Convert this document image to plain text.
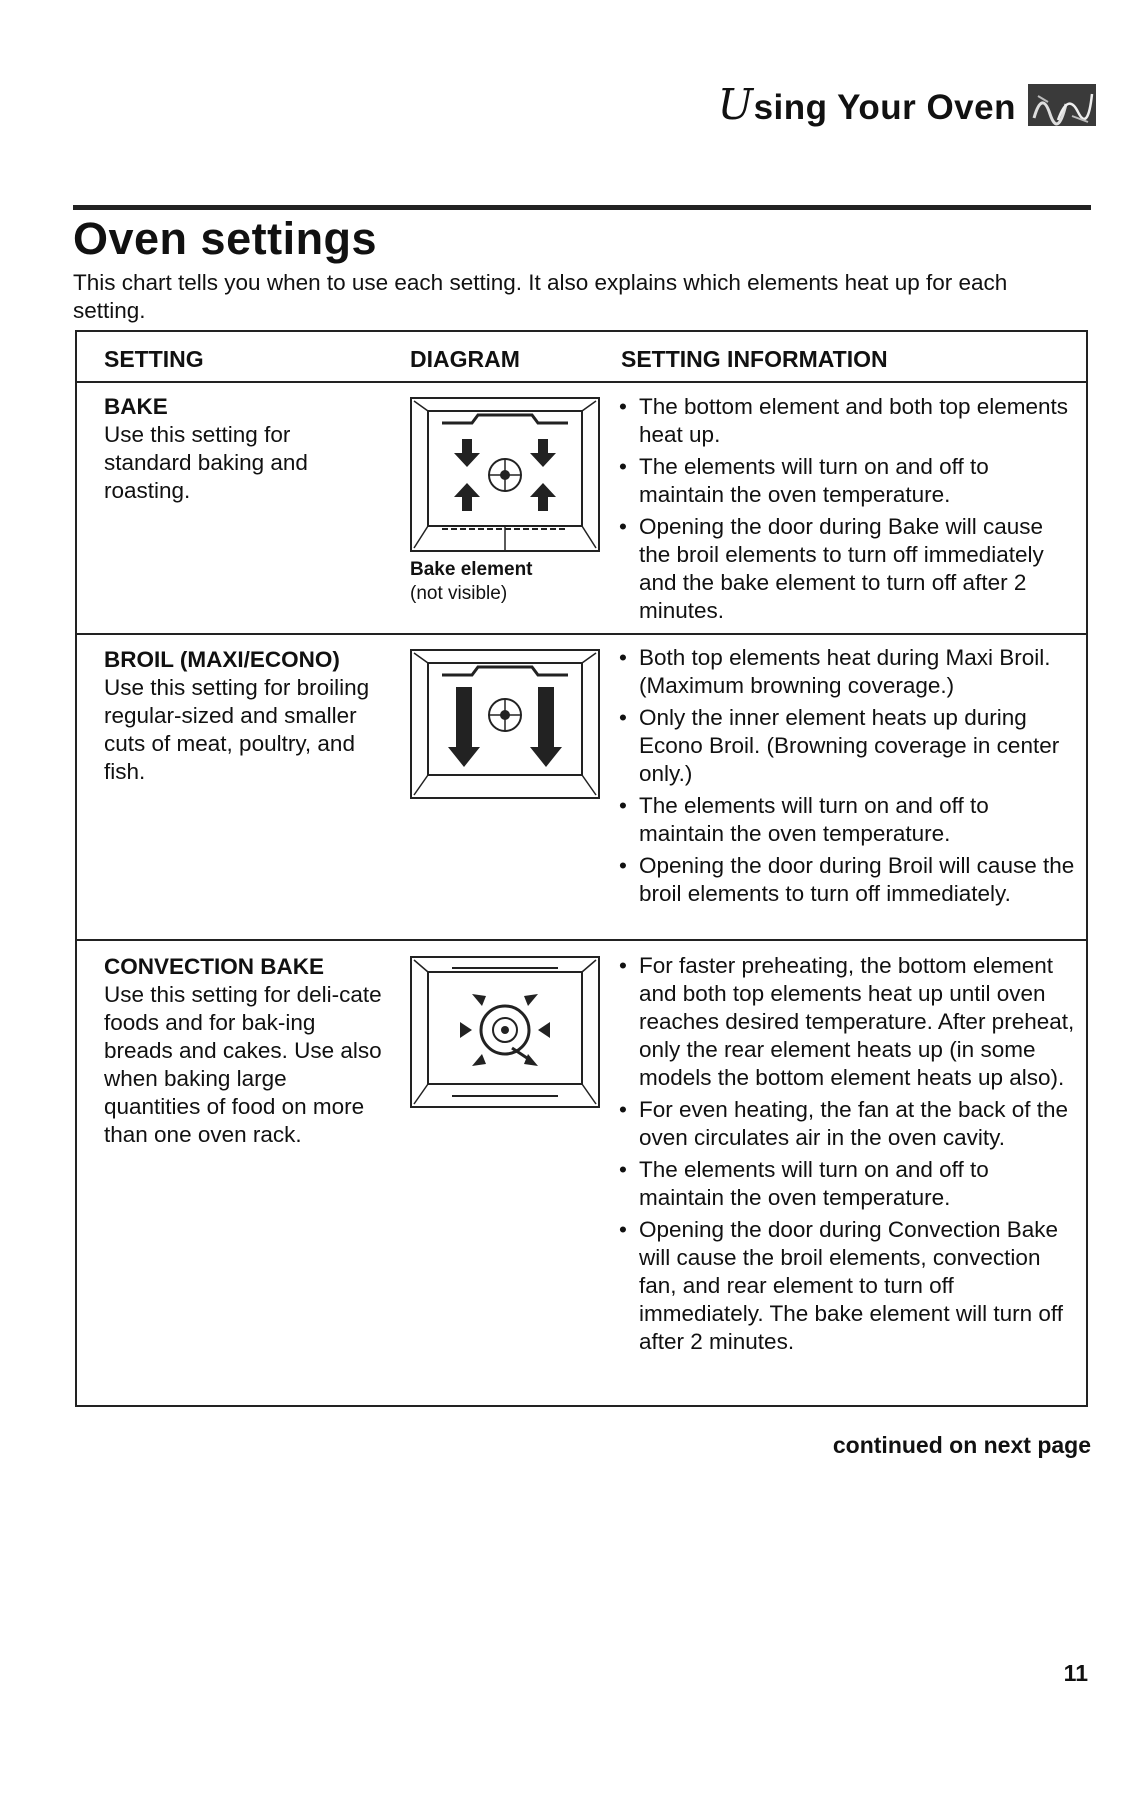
Using Your Oven
Oven settings

This chart tells you when to use each setting. It also explains which elements heat up for each setting.

SETTING	DIAGRAM	SETTING INFORMATION
BAKE
Use this setting for standard baking and roasting.
Bake element
(not visible)
• The bottom element and both top elements heat up.
• The elements will turn on and off to maintain the oven temperature.
• Opening the door during Bake will cause the broil elements to turn off immediately and the bake element to turn off after 2 minutes.
BROIL (MAXI/ECONO)
Use this setting for broiling regular-sized and smaller cuts of meat, poultry, and fish.
• Both top elements heat during Maxi Broil. (Maximum browning coverage.)
• Only the inner element heats up during Econo Broil. (Browning coverage in center only.)
• The elements will turn on and off to maintain the oven temperature.
• Opening the door during Broil will cause the broil elements to turn off immediately.
CONVECTION BAKE
Use this setting for deli-cate foods and for bak-ing breads and cakes. Use also when baking large quantities of food on more than one oven rack.
• For faster preheating, the bottom element and both top elements heat up until oven reaches desired temperature. After preheat, only the rear element heats up (in some models the bottom element heats up also).
• For even heating, the fan at the back of the oven circulates air in the oven cavity.
• The elements will turn on and off to maintain the oven temperature.
• Opening the door during Convection Bake will cause the broil elements, convection fan, and rear element to turn off immediately. The bake element will turn off after 2 minutes.
continued on next page
11
